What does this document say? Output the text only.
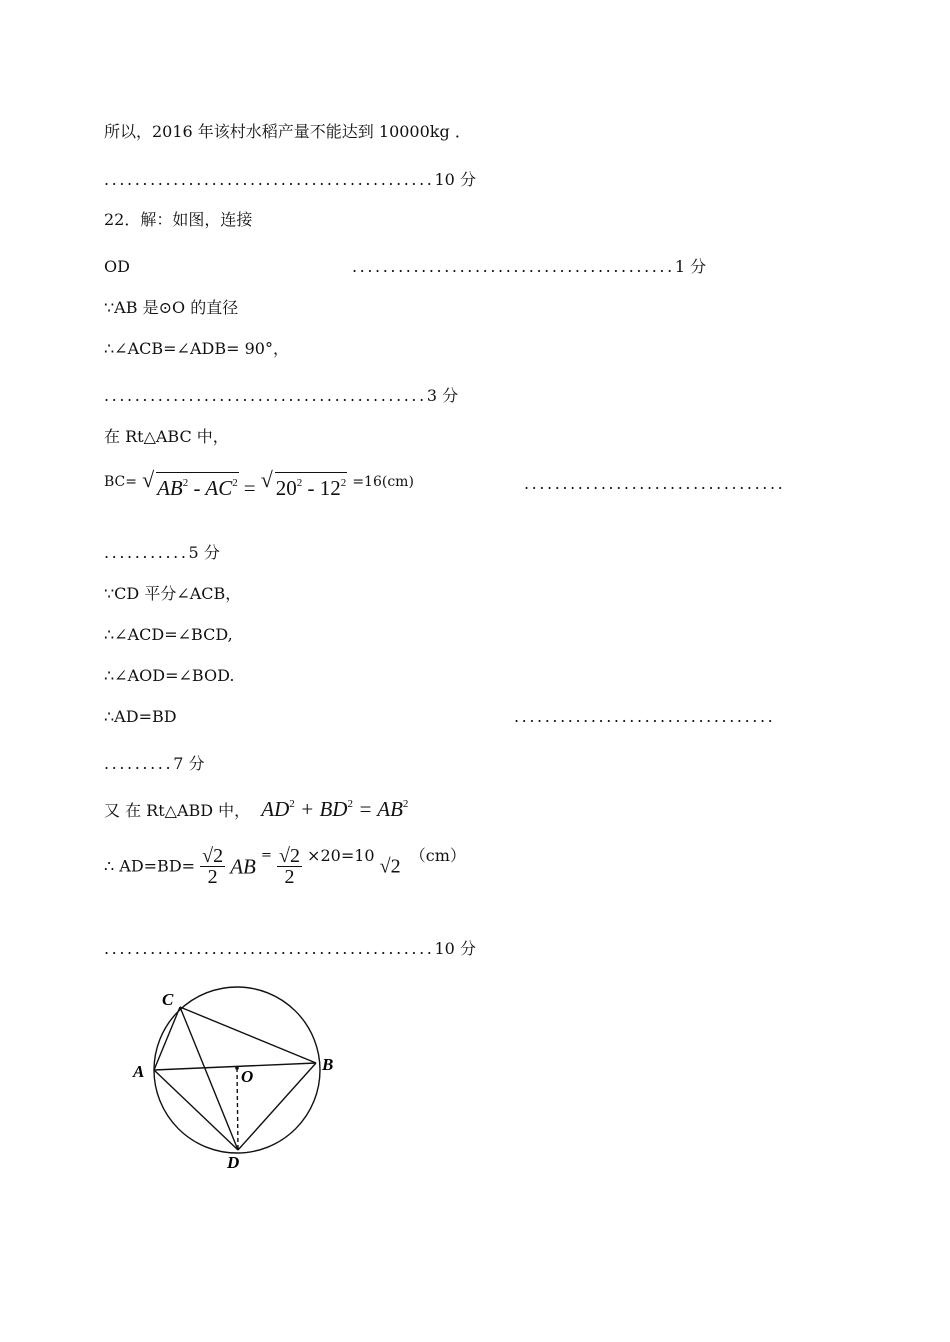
所以，2016 年该村水稻产量不能达到 10000kg ．
...........................................10 分
22．解：如图，连接
OD	..........................................1 分
∵AB 是⊙O 的直径
∴∠ACB=∠ADB= 90°，
..........................................3 分
在 Rt△ABC 中，
BC= √ $AB^2 - AC^2$ = √ $20^2 - 12^2 =16(cm)$	..................................
...........5 分
∵CD 平分∠ACB，
∴∠ACD=∠BCD,
∴∠AOD=∠BOD.
∴AD=BD	..................................
.........7 分
又 在 Rt△ABD 中， $AD^2 + BD^2 = AB^2$
∴ $AD=BD= \frac{√2}{2}$ AB $^= \frac{√2}{2} \times 20=10$ √2 （cm）
...........................................10 分
C
A	O
B
D
